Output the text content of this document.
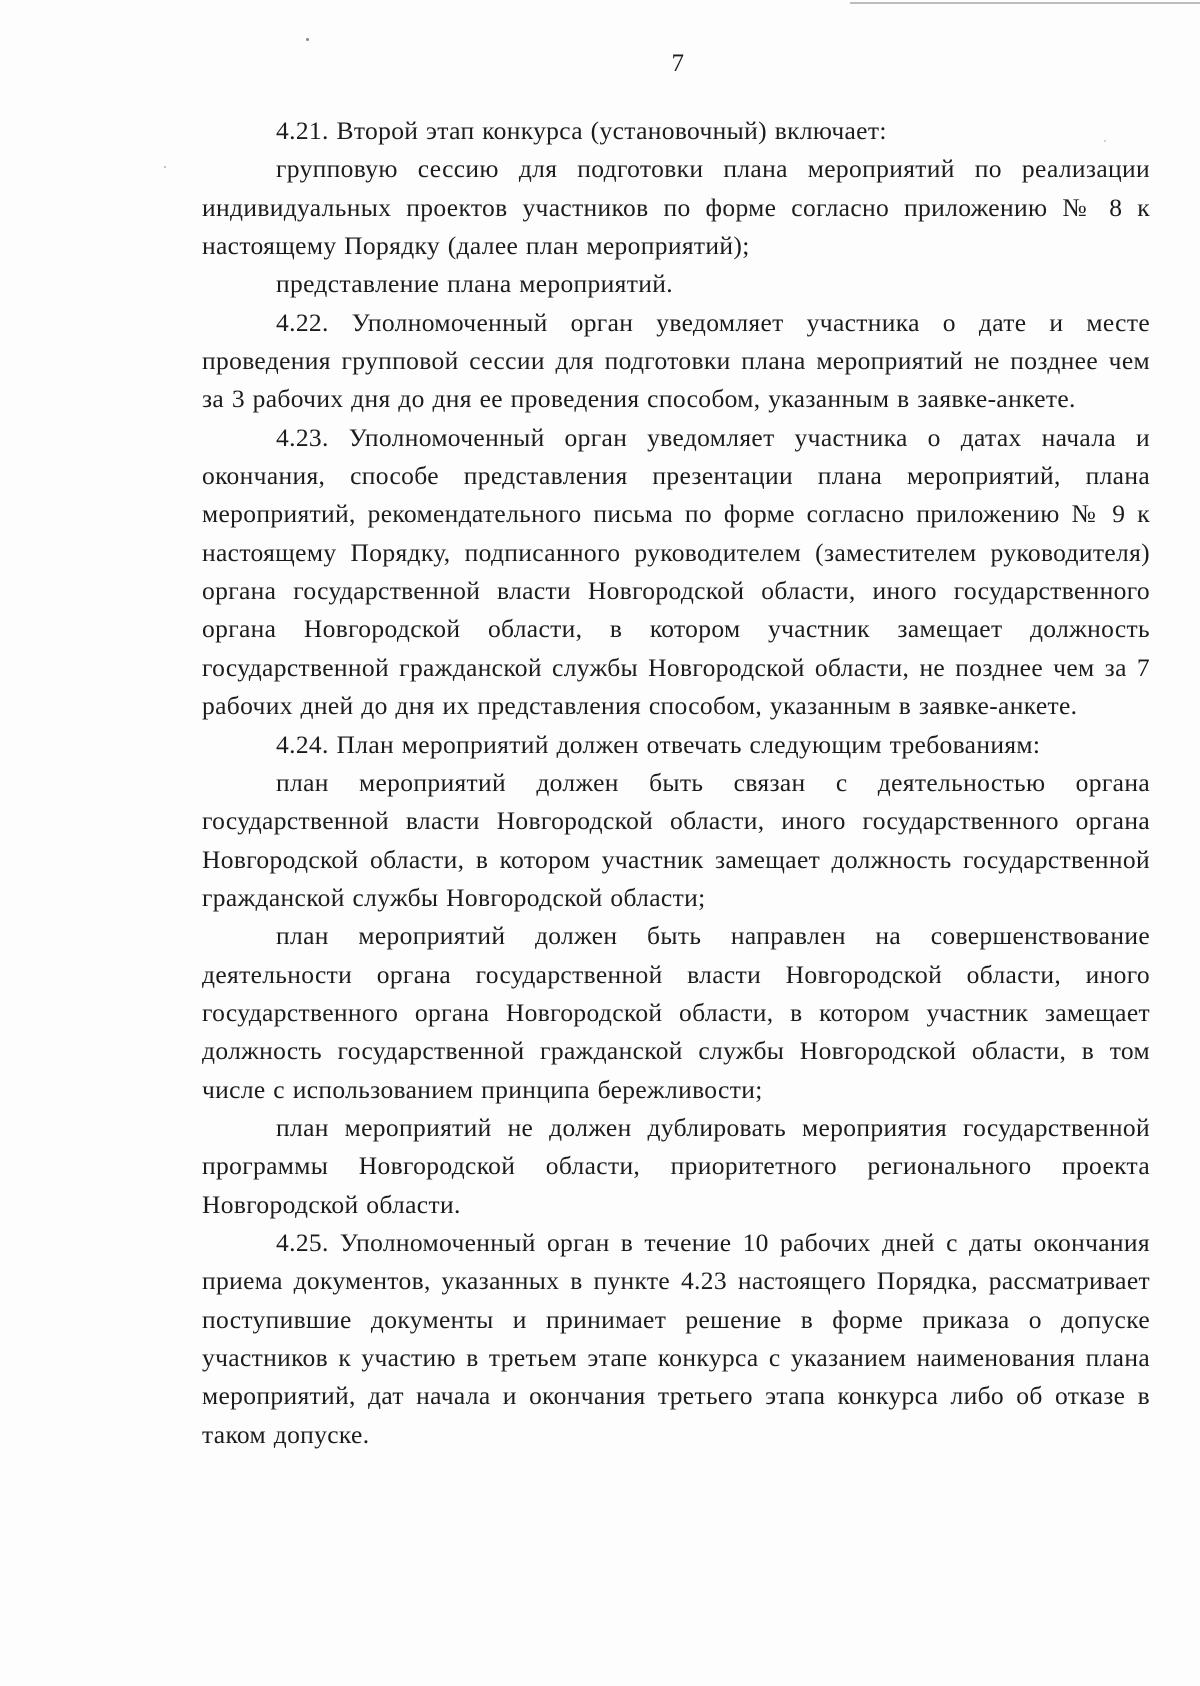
7

4.21. Второй этап конкурса (установочный) включает:

групповую сессию для подготовки плана мероприятий по реализации индивидуальных проектов участников по форме согласно приложению № 8 к настоящему Порядку (далее план мероприятий);

представление плана мероприятий.

4.22. Уполномоченный орган уведомляет участника о дате и месте проведения групповой сессии для подготовки плана мероприятий не позднее чем за 3 рабочих дня до дня ее проведения способом, указанным в заявке-анкете.

4.23. Уполномоченный орган уведомляет участника о датах начала и окончания, способе представления презентации плана мероприятий, плана мероприятий, рекомендательного письма по форме согласно приложению № 9 к настоящему Порядку, подписанного руководителем (заместителем руководителя) органа государственной власти Новгородской области, иного государственного органа Новгородской области, в котором участник замещает должность государственной гражданской службы Новгородской области, не позднее чем за 7 рабочих дней до дня их представления способом, указанным в заявке-анкете.

4.24. План мероприятий должен отвечать следующим требованиям:

план мероприятий должен быть связан с деятельностью органа государственной власти Новгородской области, иного государственного органа Новгородской области, в котором участник замещает должность государственной гражданской службы Новгородской области;

план мероприятий должен быть направлен на совершенствование деятельности органа государственной власти Новгородской области, иного государственного органа Новгородской области, в котором участник замещает должность государственной гражданской службы Новгородской области, в том числе с использованием принципа бережливости;

план мероприятий не должен дублировать мероприятия государственной программы Новгородской области, приоритетного регионального проекта Новгородской области.

4.25. Уполномоченный орган в течение 10 рабочих дней с даты окончания приема документов, указанных в пункте 4.23 настоящего Порядка, рассматривает поступившие документы и принимает решение в форме приказа о допуске участников к участию в третьем этапе конкурса с указанием наименования плана мероприятий, дат начала и окончания третьего этапа конкурса либо об отказе в таком допуске.
